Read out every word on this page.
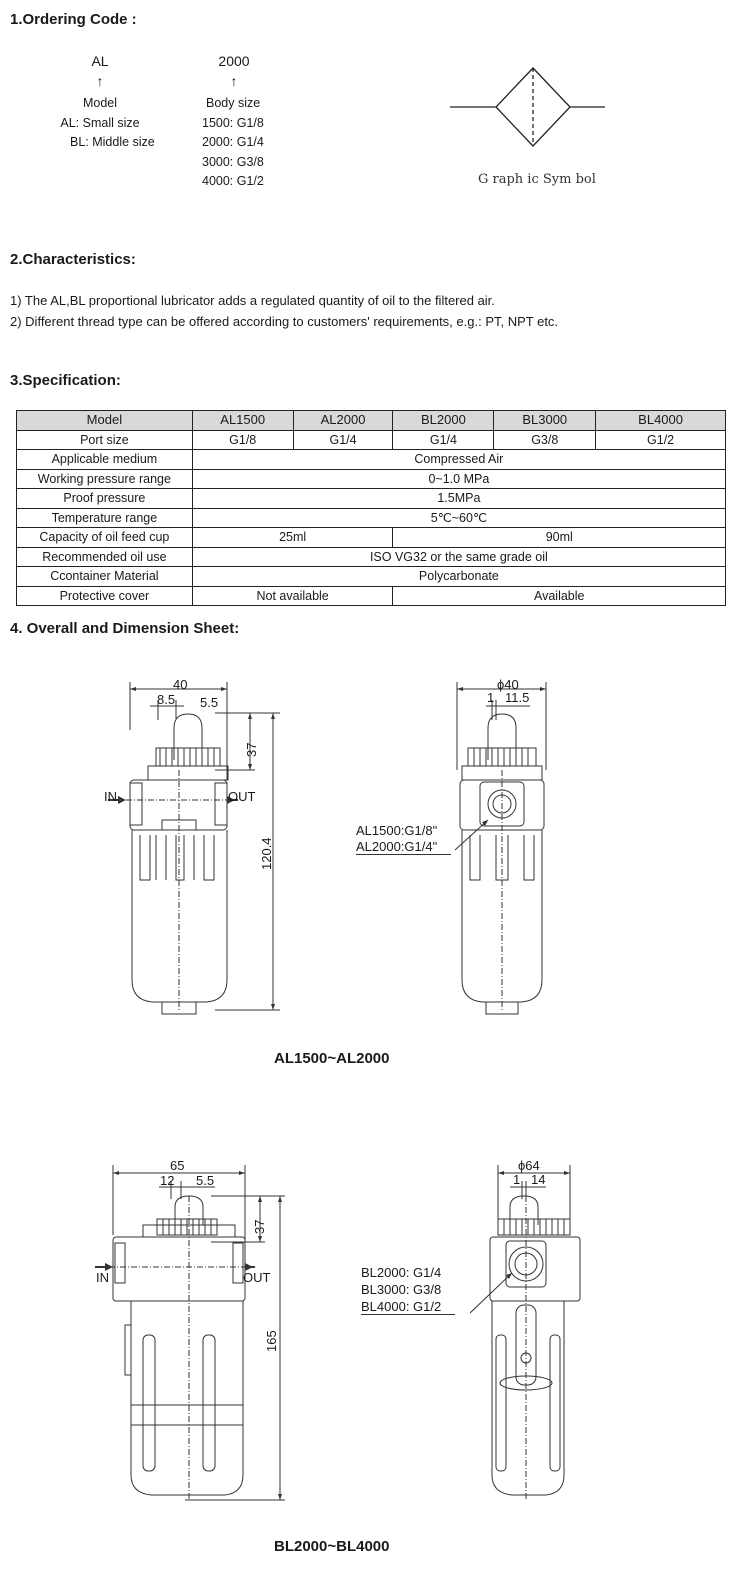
1.Ordering Code :
AL
↑
Model
AL: Small size
BL: Middle size
2000
↑
Body size
1500: G1/8
2000: G1/4
3000: G3/8
4000: G1/2	G raph ic Sym bol
2.Characteristics:
1) The AL,BL proportional lubricator adds a regulated quantity of oil to the filtered air.
2) Different thread type can be offered according to customers' requirements, e.g.: PT, NPT etc.
3.Specification:
Model	AL1500	AL2000	BL2000	BL3000	BL4000
Port size	G1/8	G1/4	G1/4	G3/8	G1/2
Applicable medium	Compressed Air				
Working pressure range	0~1.0 MPa				
Proof pressure	1.5MPa				
Temperature range	5℃~60℃				
Capacity of oil feed cup	25ml		90ml		
Recommended oil use	ISO VG32 or the same grade oil				
Ccontainer Material	Polycarbonate				
Protective cover	Not available		Available		
4. Overall and Dimension Sheet:
40
8.5 5.5
37
120.4
IN	OUT
ϕ40
1 11.5
AL1500:G1/8"
AL2000:G1/4"
AL1500~AL2000
65
12 5.5
37
165
IN	OUT
ϕ64
1 14
BL2000: G1/4
BL3000: G3/8
BL4000: G1/2
BL2000~BL4000
